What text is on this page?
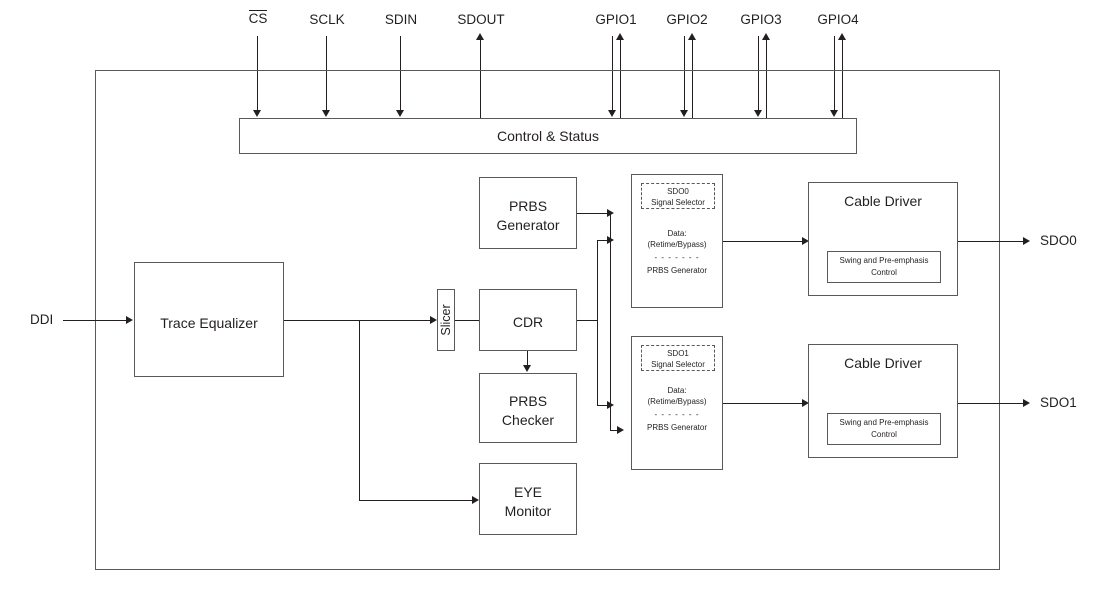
CS	SCLK	SDIN	SDOUT	GPIO1	GPIO2	GPIO3	GPIO4
Control & Status
DDI	Trace Equalizer	Slicer
PRBS
Generator
CDR
PRBS
Checker
EYE
Monitor
SDO0
Signal Selector
Data:
(Retime/Bypass)
- - - - - - -
PRBS Generator
SDO1
Signal Selector
Data:
(Retime/Bypass)
- - - - - - -
PRBS Generator
Cable Driver
Swing and Pre-emphasis
Control
Cable Driver
Swing and Pre-emphasis
Control
SDO0
SDO1
